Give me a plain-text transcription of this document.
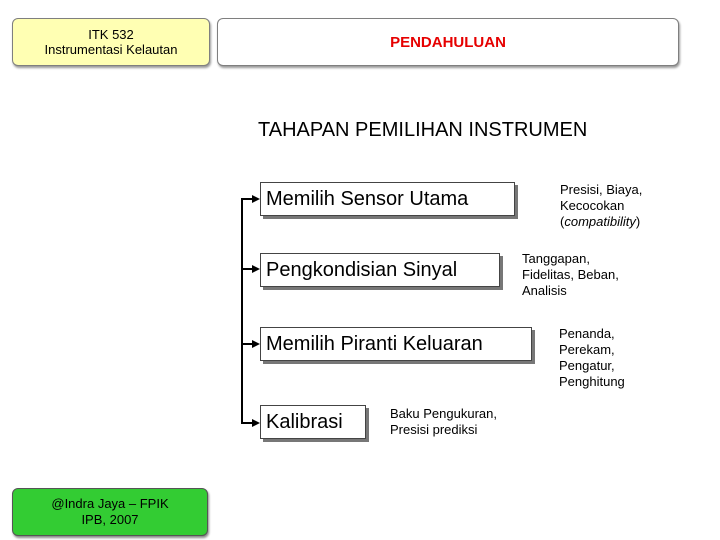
ITK 532
Instrumentasi Kelautan	PENDAHULUAN
TAHAPAN PEMILIHAN INSTRUMEN
Memilih Sensor Utama
Pengkondisian Sinyal
Memilih Piranti Keluaran
Kalibrasi
Presisi, Biaya,
Kecocokan
(compatibility)
Tanggapan,
Fidelitas, Beban,
Analisis
Penanda,
Perekam,
Pengatur,
Penghitung
Baku Pengukuran,
Presisi prediksi
@Indra Jaya – FPIK
IPB, 2007
